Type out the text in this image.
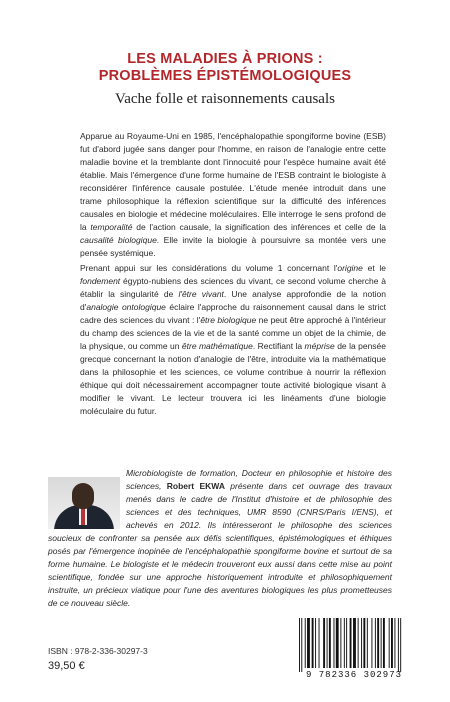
LES MALADIES À PRIONS :
PROBLÈMES ÉPISTÉMOLOGIQUES
Vache folle et raisonnements causals
Apparue au Royaume-Uni en 1985, l'encéphalopathie spongiforme bovine (ESB) fut d'abord jugée sans danger pour l'homme, en raison de l'analogie entre cette maladie bovine et la tremblante dont l'innocuité pour l'espèce humaine avait été établie. Mais l'émergence d'une forme humaine de l'ESB contraint le biologiste à reconsidérer l'inférence causale postulée. L'étude menée introduit dans une trame philosophique la réflexion scientifique sur la difficulté des inférences causales en biologie et médecine moléculaires. Elle interroge le sens profond de la temporalité de l'action causale, la signification des inférences et celle de la causalité biologique. Elle invite la biologie à poursuivre sa montée vers une pensée systémique.
Prenant appui sur les considérations du volume 1 concernant l'origine et le fondement égypto-nubiens des sciences du vivant, ce second volume cherche à établir la singularité de l'être vivant. Une analyse approfondie de la notion d'analogie ontologique éclaire l'approche du raisonnement causal dans le strict cadre des sciences du vivant : l'être biologique ne peut être approché à l'intérieur du champ des sciences de la vie et de la santé comme un objet de la chimie, de la physique, ou comme un être mathématique. Rectifiant la méprise de la pensée grecque concernant la notion d'analogie de l'être, introduite via la mathématique dans la philosophie et les sciences, ce volume contribue à nourrir la réflexion éthique qui doit nécessairement accompagner toute activité biologique visant à modifier le vivant. Le lecteur trouvera ici les linéaments d'une biologie moléculaire du futur.
Microbiologiste de formation, Docteur en philosophie et histoire des sciences, Robert EKWA présente dans cet ouvrage des travaux menés dans le cadre de l'Institut d'histoire et de philosophie des sciences et des techniques, UMR 8590 (CNRS/Paris I/ENS), et achevés en 2012. Ils intéresseront le philosophe des sciences soucieux de confronter sa pensée aux défis scientifiques, épistémologiques et éthiques posés par l'émergence inopinée de l'encéphalopathie spongiforme bovine et surtout de sa forme humaine. Le biologiste et le médecin trouveront eux aussi dans cette mise au point scientifique, fondée sur une approche historiquement introduite et philosophiquement instruite, un précieux viatique pour l'une des aventures biologiques les plus prometteuses de ce nouveau siècle.
ISBN : 978-2-336-30297-3
39,50 €
9 782336 302973
